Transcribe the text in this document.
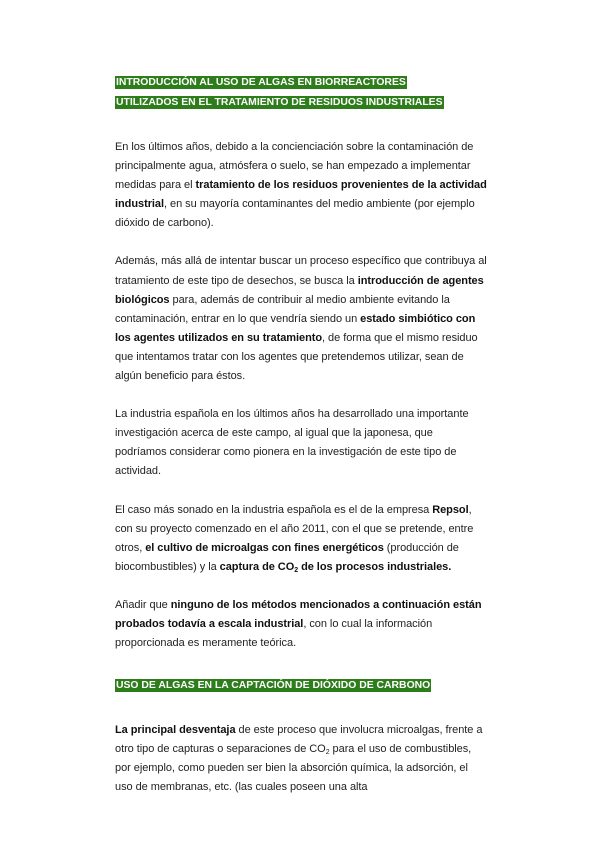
INTRODUCCIÓN AL USO DE ALGAS EN BIORREACTORES
UTILIZADOS EN EL TRATAMIENTO DE RESIDUOS INDUSTRIALES

En los últimos años, debido a la concienciación sobre la contaminación de principalmente agua, atmósfera o suelo, se han empezado a implementar medidas para el tratamiento de los residuos provenientes de la actividad industrial, en su mayoría contaminantes del medio ambiente (por ejemplo dióxido de carbono).

Además, más allá de intentar buscar un proceso específico que contribuya al tratamiento de este tipo de desechos, se busca la introducción de agentes biológicos para, además de contribuir al medio ambiente evitando la contaminación, entrar en lo que vendría siendo un estado simbiótico con los agentes utilizados en su tratamiento, de forma que el mismo residuo que intentamos tratar con los agentes que pretendemos utilizar, sean de algún beneficio para éstos.

La industria española en los últimos años ha desarrollado una importante investigación acerca de este campo, al igual que la japonesa, que podríamos considerar como pionera en la investigación de este tipo de actividad.

El caso más sonado en la industria española es el de la empresa Repsol, con su proyecto comenzado en el año 2011, con el que se pretende, entre otros, el cultivo de microalgas con fines energéticos (producción de biocombustibles) y la captura de $CO_2$ de los procesos industriales.

Añadir que ninguno de los métodos mencionados a continuación están probados todavía a escala industrial, con lo cual la información proporcionada es meramente teórica.

USO DE ALGAS EN LA CAPTACIÓN DE DIÓXIDO DE CARBONO

La principal desventaja de este proceso que involucra microalgas, frente a otro tipo de capturas o separaciones de $CO_2$ para el uso de combustibles, por ejemplo, como pueden ser bien la absorción química, la adsorción, el uso de membranas, etc. (las cuales poseen una alta
